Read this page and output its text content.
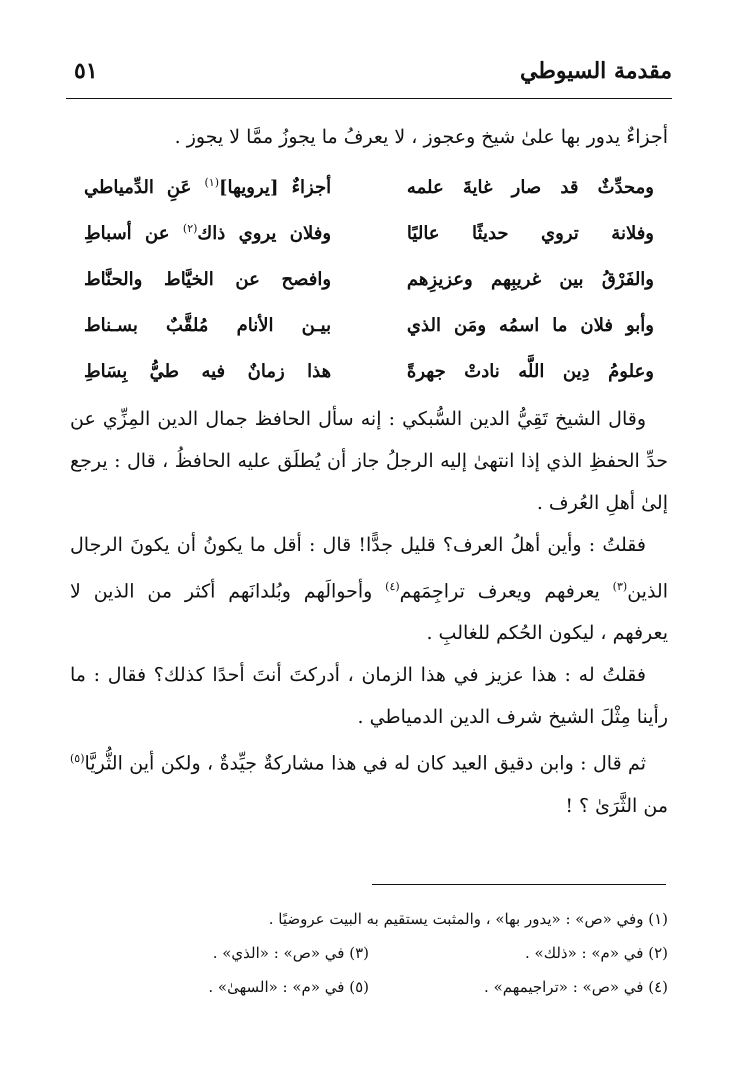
مقدمة السيوطي
٥١

أجزاءٌ يدور بها علىٰ شيخ وعجوز ، لا يعرفُ ما يجوزُ ممَّا لا يجوز .

ومحدِّثٌ قد صار غايةَ علمه
أجزاءٌ [يرويها]$^{(١)}$ عَنِ الدِّمياطي
وفلانة تروي حديثًا عاليًا
وفلان يروي ذاك$^{(٢)}$ عن أسباطِ
والفَرْقُ بين غريبِهم وعزيزِهم
وافصح عن الخيَّاط والحنَّاط
وأبو فلان ما اسمُه ومَن الذي
بيـن الأنام مُلقَّبٌ بسـناط
وعلومُ دِين اللَّه نادتْ جهرةً
هذا زمانٌ فيه طيُّ بِسَاطِ

وقال الشيخ تَقِيُّ الدين السُّبكي : إنه سأل الحافظ جمال الدين المِزِّي عن حدِّ الحفظِ الذي إذا انتهىٰ إليه الرجلُ جاز أن يُطلَق عليه الحافظُ ، قال : يرجع إلىٰ أهلِ العُرف .

فقلتُ : وأين أهلُ العرف؟ قليل جدًّا! قال : أقل ما يكونُ أن يكونَ الرجال الذين$^{(٣)}$ يعرفهم ويعرف تراجِمَهم$^{(٤)}$ وأحوالَهم وبُلدانَهم أكثر من الذين لا يعرفهم ، ليكون الحُكم للغالبِ .

فقلتُ له : هذا عزيز في هذا الزمان ، أدركتَ أنتَ أحدًا كذلك؟ فقال : ما رأينا مِثْلَ الشيخ شرف الدين الدمياطي .

ثم قال : وابن دقيق العيد كان له في هذا مشاركةٌ جيِّدةٌ ، ولكن أين الثُّريَّا$^{(٥)}$ من الثَّرَىٰ ؟ !

(١) وفي «ص» : «يدور بها» ، والمثبت يستقيم به البيت عروضيًا .
(٢) في «م» : «ذلك» .
(٣) في «ص» : «الذي» .
(٤) في «ص» : «تراجيمهم» .
(٥) في «م» : «السهىٰ» .
